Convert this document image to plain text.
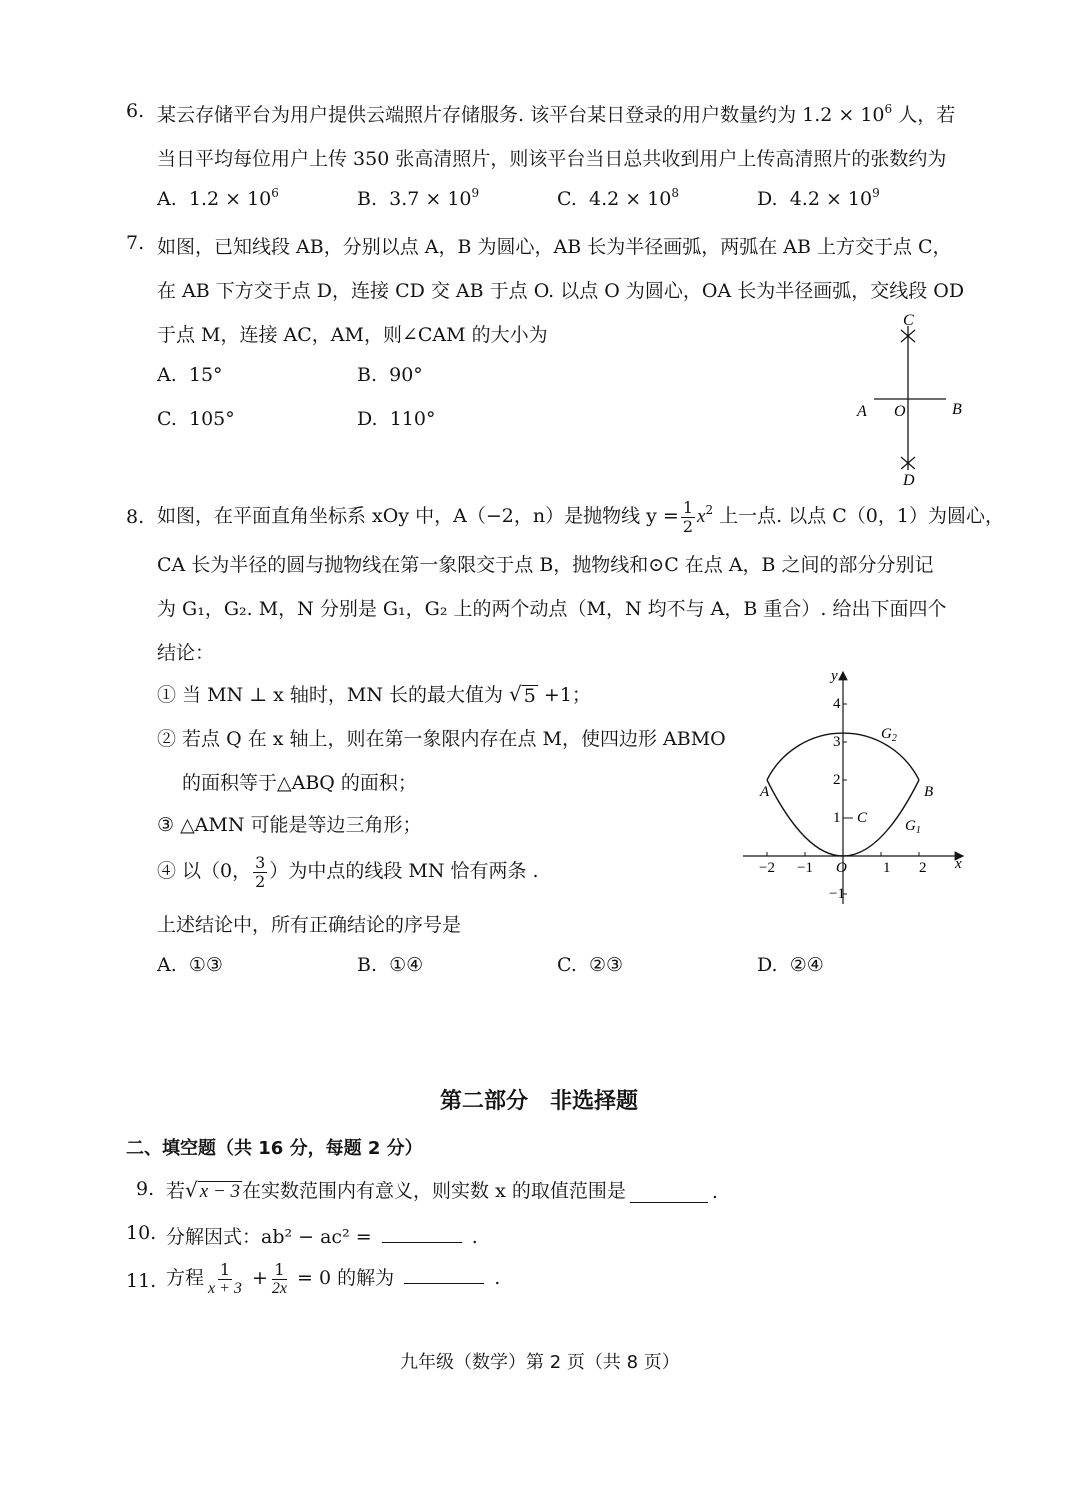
6. 某云存储平台为用户提供云端照片存储服务. 该平台某日登录的用户数量约为 $1.2 \times 10^6$ 人，若
当日平均每位用户上传 350 张高清照片，则该平台当日总共收到用户上传高清照片的张数约为
A. $1.2 \times 10^6$	B. $3.7 \times 10^9$	C. $4.2 \times 10^8$	D. $4.2 \times 10^9$
7. 如图，已知线段 AB，分别以点 A，B 为圆心，AB 长为半径画弧，两弧在 AB 上方交于点 C，
在 AB 下方交于点 D，连接 CD 交 AB 于点 O. 以点 O 为圆心，OA 长为半径画弧，交线段 OD
于点 M，连接 AC，AM，则∠CAM 的大小为
A. 15°	B. 90°
C. 105°	D. 110°
C
A O	B
D
8. 如图，在平面直角坐标系 xOy 中，A（−2，n）是抛物线 $y = \frac{1}{2} x^2$ 上一点. 以点 C（0，1）为圆心，
CA 长为半径的圆与抛物线在第一象限交于点 B，抛物线和⊙C 在点 A，B 之间的部分分别记
为 G₁，G₂. M，N 分别是 G₁，G₂ 上的两个动点（M，N 均不与 A，B 重合）. 给出下面四个
结论：
① 当 MN ⊥ x 轴时，MN 长的最大值为 √ 5 +1；
② 若点 Q 在 x 轴上，则在第一象限内存在点 M，使四边形 ABMO
的面积等于△ABQ 的面积；
③ △AMN 可能是等边三角形；
④ 以（0， $\frac{3}{2}$ ）为中点的线段 MN 恰有两条 .
上述结论中，所有正确结论的序号是
A. ①③	B. ①④	C. ②③	D. ②④
−2 −1	1 2
4
3
2
1
−1
x
y
O
A	B
C
$G_2$
$G_1$
第二部分　非选择题
二、填空题（共 16 分，每题 2 分）
9. 若 √ x − 3 在实数范围内有意义，则实数 x 的取值范围是	.
10. 分解因式：ab² − ac² =	.
11. 方程 $\frac{1}{x + 3} + \frac{1}{2x} = 0$ 的解为	.
九年级（数学）第 2 页（共 8 页）
